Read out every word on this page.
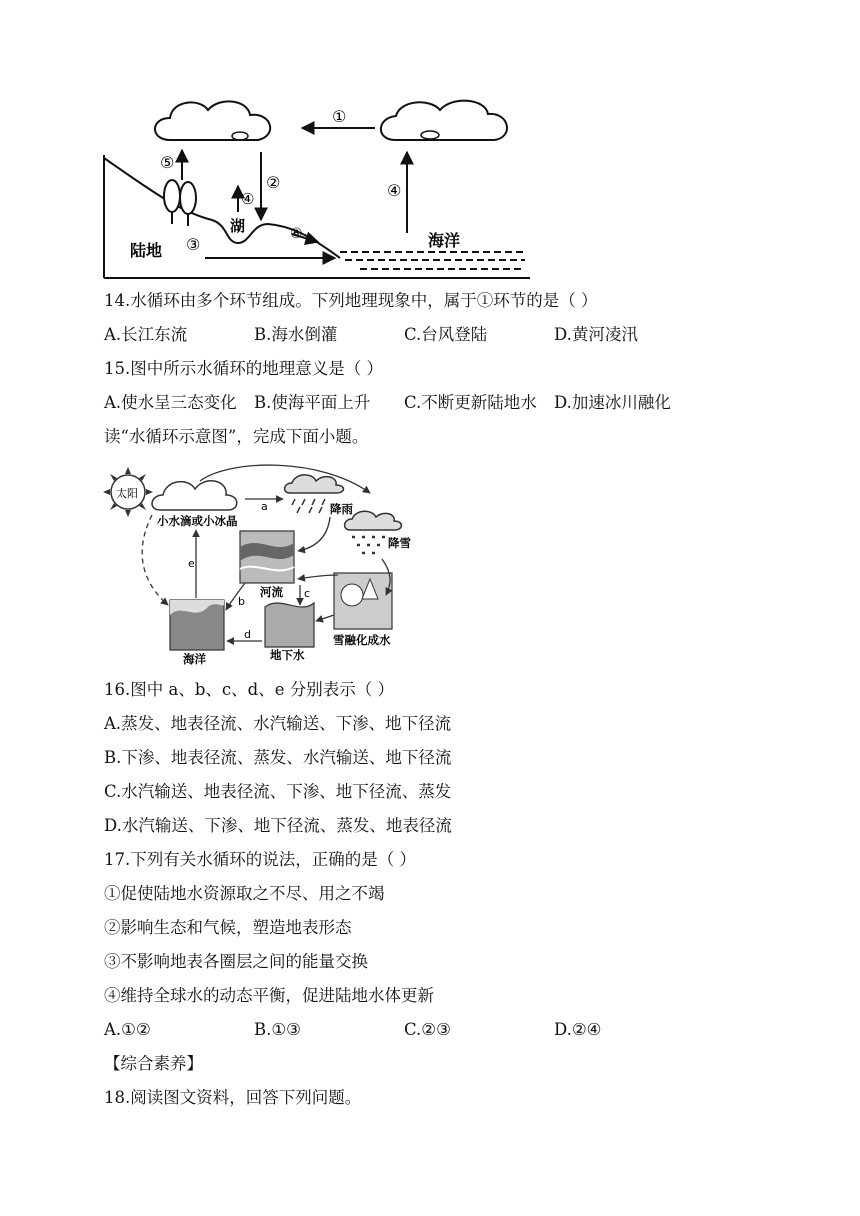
①
②
④
⑤
④
⑥
③
湖
陆地
海洋
14.水循环由多个环节组成。下列地理现象中，属于①环节的是（ ）
A.长江东流	B.海水倒灌	C.台风登陆	D.黄河凌汛
15.图中所示水循环的地理意义是（ ）
A.使水呈三态变化 B.使海平面上升 C.不断更新陆地水 D.加速冰川融化
读“水循环示意图”，完成下面小题。
太阳
小水滴或小冰晶
降雨
降雪
河流
海洋	地下水
雪融化成水
a
b
c
d
e
16.图中 a、b、c、d、e 分别表示（ ）
A.蒸发、地表径流、水汽输送、下渗、地下径流
B.下渗、地表径流、蒸发、水汽输送、地下径流
C.水汽输送、地表径流、下渗、地下径流、蒸发
D.水汽输送、下渗、地下径流、蒸发、地表径流
17.下列有关水循环的说法，正确的是（ ）
①促使陆地水资源取之不尽、用之不竭
②影响生态和气候，塑造地表形态
③不影响地表各圈层之间的能量交换
④维持全球水的动态平衡，促进陆地水体更新
A.①②	B.①③	C.②③	D.②④
【综合素养】
18.阅读图文资料，回答下列问题。
